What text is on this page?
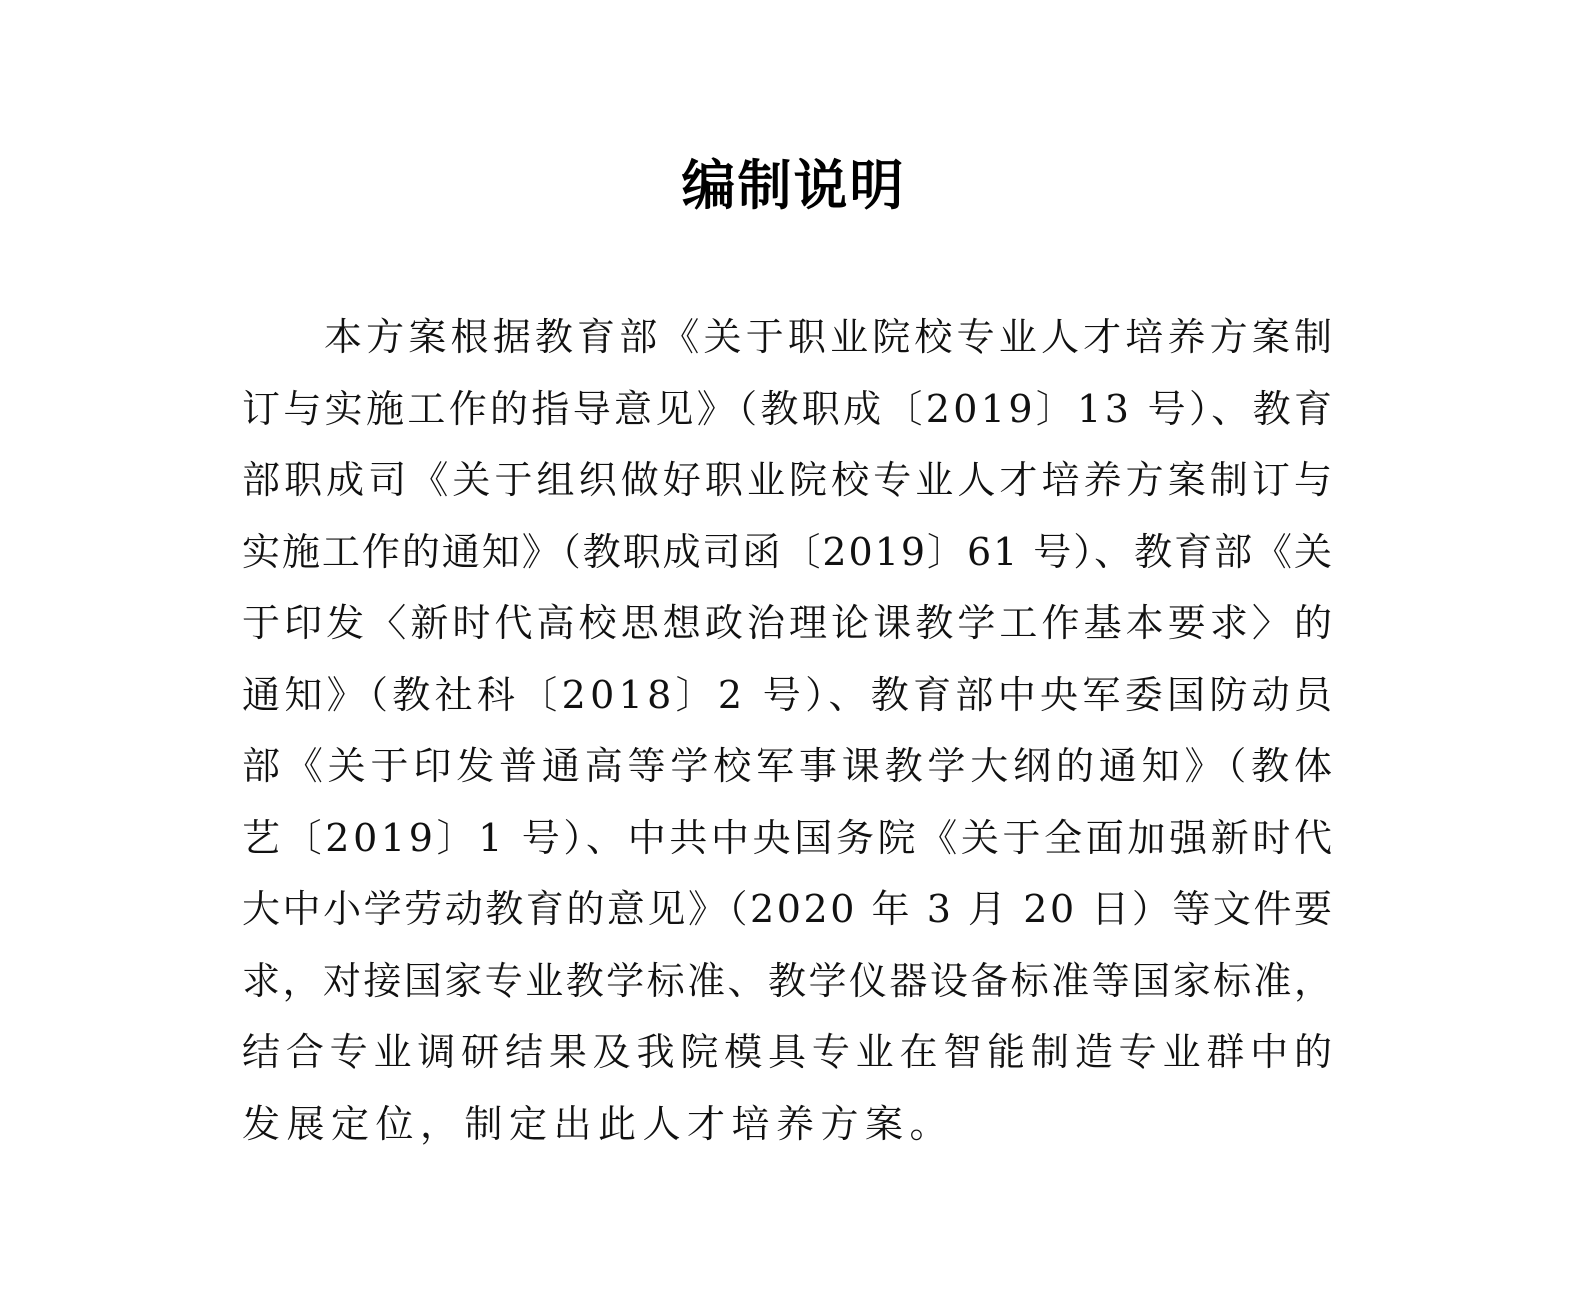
编制说明
本方案根据教育部《关于职业院校专业人才培养方案制
订与实施工作的指导意见》（教职成〔2019〕13 号）、教育
部职成司《关于组织做好职业院校专业人才培养方案制订与
实施工作的通知》（教职成司函〔2019〕61 号）、教育部《关
于印发〈新时代高校思想政治理论课教学工作基本要求〉的
通知》（教社科〔2018〕2 号）、教育部中央军委国防动员
部《关于印发普通高等学校军事课教学大纲的通知》（教体
艺〔2019〕1 号）、中共中央国务院《关于全面加强新时代
大中小学劳动教育的意见》（2020 年 3 月 20 日）等文件要
求，对接国家专业教学标准、教学仪器设备标准等国家标准，
结合专业调研结果及我院模具专业在智能制造专业群中的
发展定位，制定出此人才培养方案。
